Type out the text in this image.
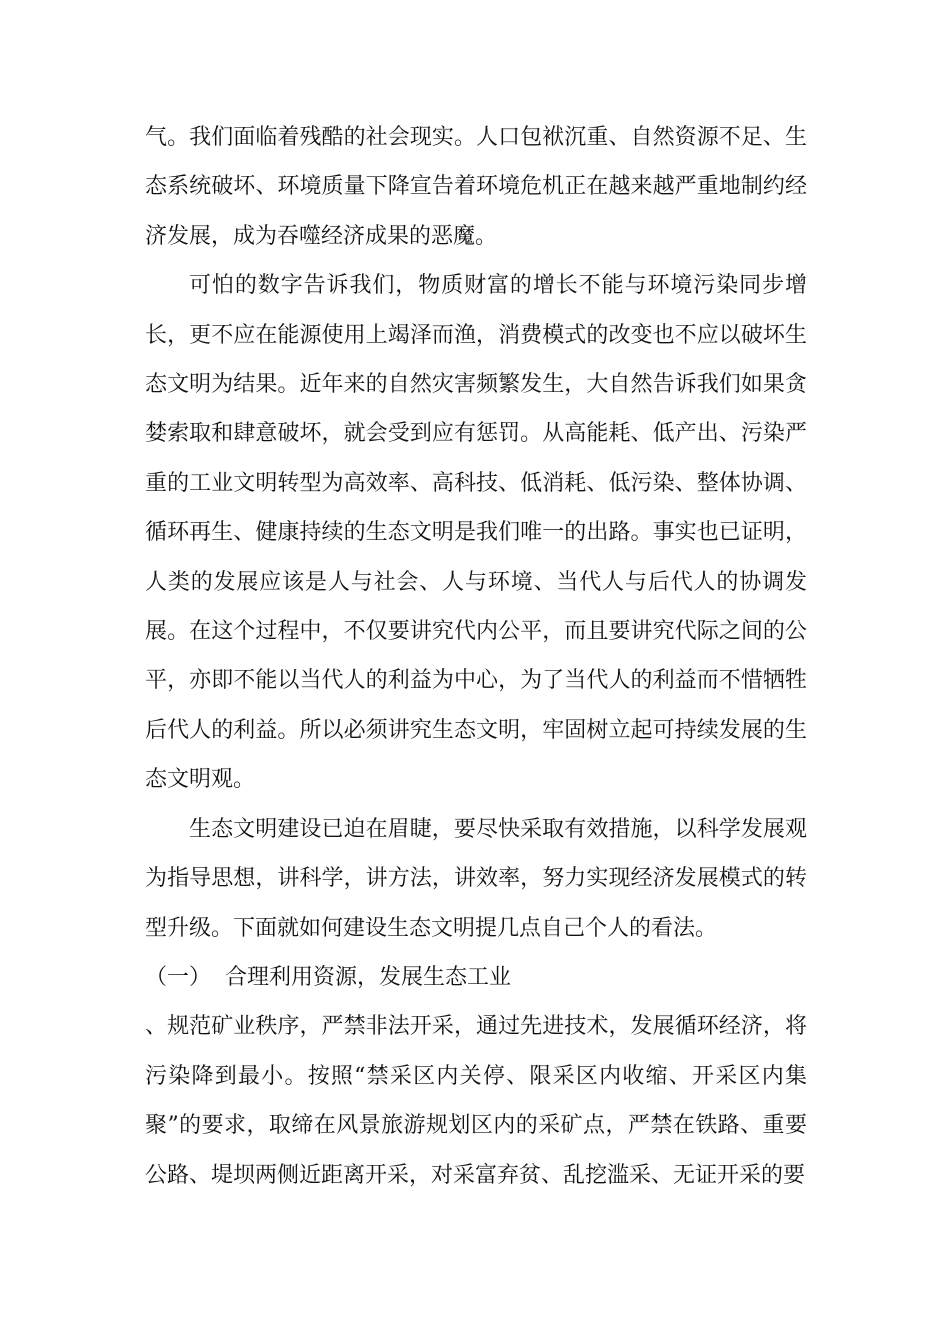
气。我们面临着残酷的社会现实。人口包袱沉重、自然资源不足、生态系统破坏、环境质量下降宣告着环境危机正在越来越严重地制约经济发展，成为吞噬经济成果的恶魔。

可怕的数字告诉我们，物质财富的增长不能与环境污染同步增长，更不应在能源使用上竭泽而渔，消费模式的改变也不应以破坏生态文明为结果。近年来的自然灾害频繁发生，大自然告诉我们如果贪婪索取和肆意破坏，就会受到应有惩罚。从高能耗、低产出、污染严重的工业文明转型为高效率、高科技、低消耗、低污染、整体协调、循环再生、健康持续的生态文明是我们唯一的出路。事实也已证明，人类的发展应该是人与社会、人与环境、当代人与后代人的协调发展。在这个过程中，不仅要讲究代内公平，而且要讲究代际之间的公平，亦即不能以当代人的利益为中心，为了当代人的利益而不惜牺牲后代人的利益。所以必须讲究生态文明，牢固树立起可持续发展的生态文明观。

生态文明建设已迫在眉睫，要尽快采取有效措施，以科学发展观为指导思想，讲科学，讲方法，讲效率，努力实现经济发展模式的转型升级。下面就如何建设生态文明提几点自己个人的看法。

（一）  合理利用资源，发展生态工业

、规范矿业秩序，严禁非法开采，通过先进技术，发展循环经济，将污染降到最小。按照“禁采区内关停、限采区内收缩、开采区内集聚”的要求，取缔在风景旅游规划区内的采矿点，严禁在铁路、重要公路、堤坝两侧近距离开采，对采富弃贫、乱挖滥采、无证开采的要
